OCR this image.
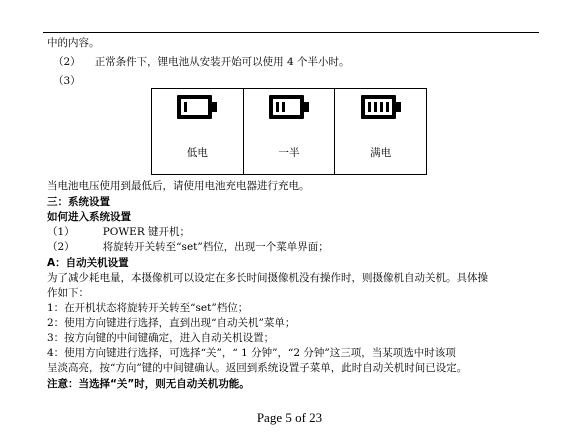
中的内容。
（2） 正常条件下，锂电池从安装开始可以使用 4 个半小时。
（3）
低电	一半	满电
当电池电压使用到最低后，请使用电池充电器进行充电。
三：系统设置
如何进入系统设置
（1）	POWER 键开机；
（2）	将旋转开关转至“set”档位，出现一个菜单界面；
A：自动关机设置
为了减少耗电量，本摄像机可以设定在多长时间摄像机没有操作时，则摄像机自动关机。具体操
作如下：
1：在开机状态将旋转开关转至“set”档位；
2：使用方向键进行选择，直到出现“自动关机”菜单；
3：按方向键的中间键确定，进入自动关机设置；
4：使用方向键进行选择，可选择“关”，“ 1 分钟”，“2 分钟”这三项，当某项选中时该项
呈淡高亮，按“方向”键的中间键确认。返回到系统设置子菜单，此时自动关机时间已设定。
注意：当选择“关”时，则无自动关机功能。
Page 5 of 23
